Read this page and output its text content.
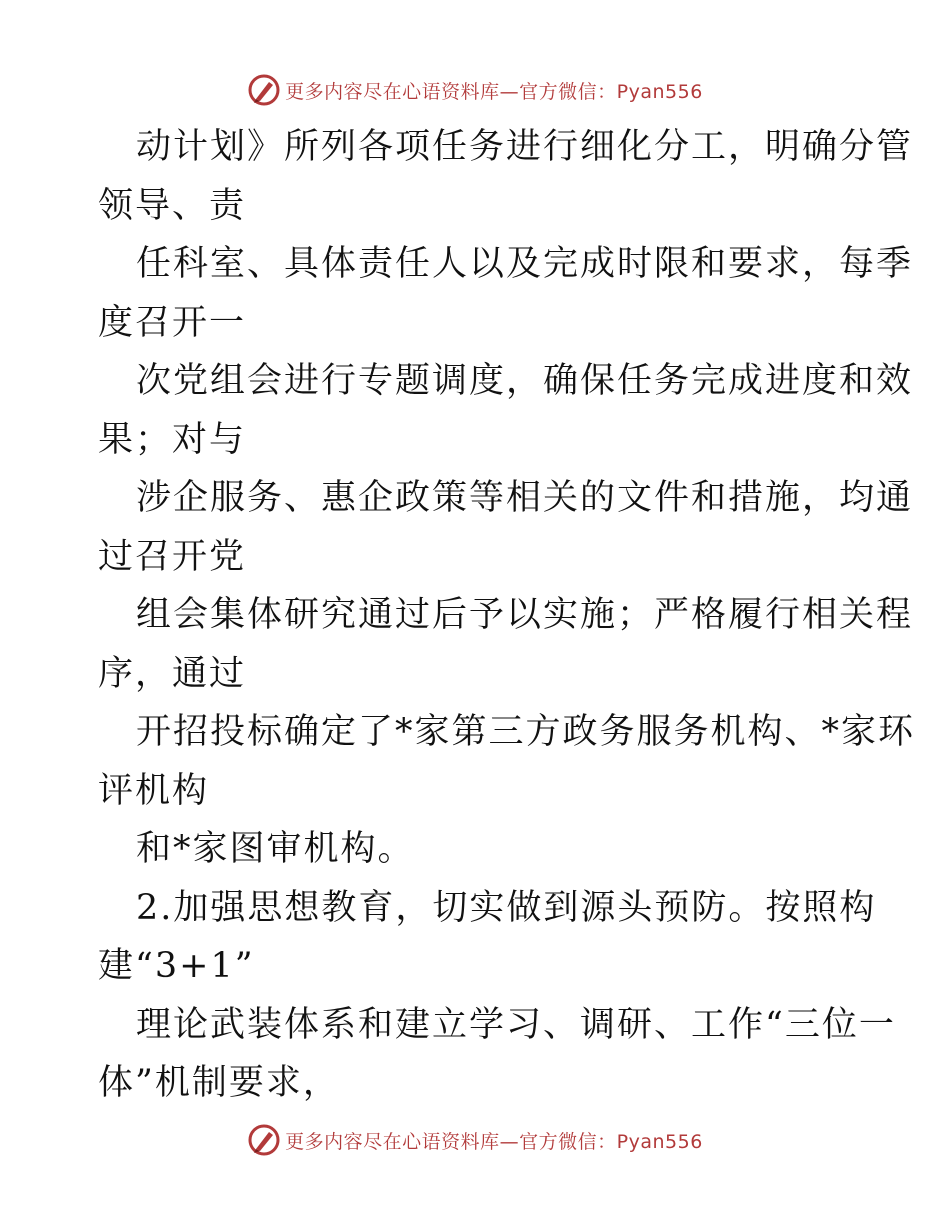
更多内容尽在心语资料库—官方微信：Pyan556
动计划》所列各项任务进行细化分工，明确分管
领导、责
任科室、具体责任人以及完成时限和要求，每季
度召开一
次党组会进行专题调度，确保任务完成进度和效
果；对与
涉企服务、惠企政策等相关的文件和措施，均通
过召开党
组会集体研究通过后予以实施；严格履行相关程
序，通过
开招投标确定了*家第三方政务服务机构、*家环
评机构
和*家图审机构。
2.加强思想教育，切实做到源头预防。按照构
建“3+1”
理论武装体系和建立学习、调研、工作“三位一
体”机制要求，
更多内容尽在心语资料库—官方微信：Pyan556
